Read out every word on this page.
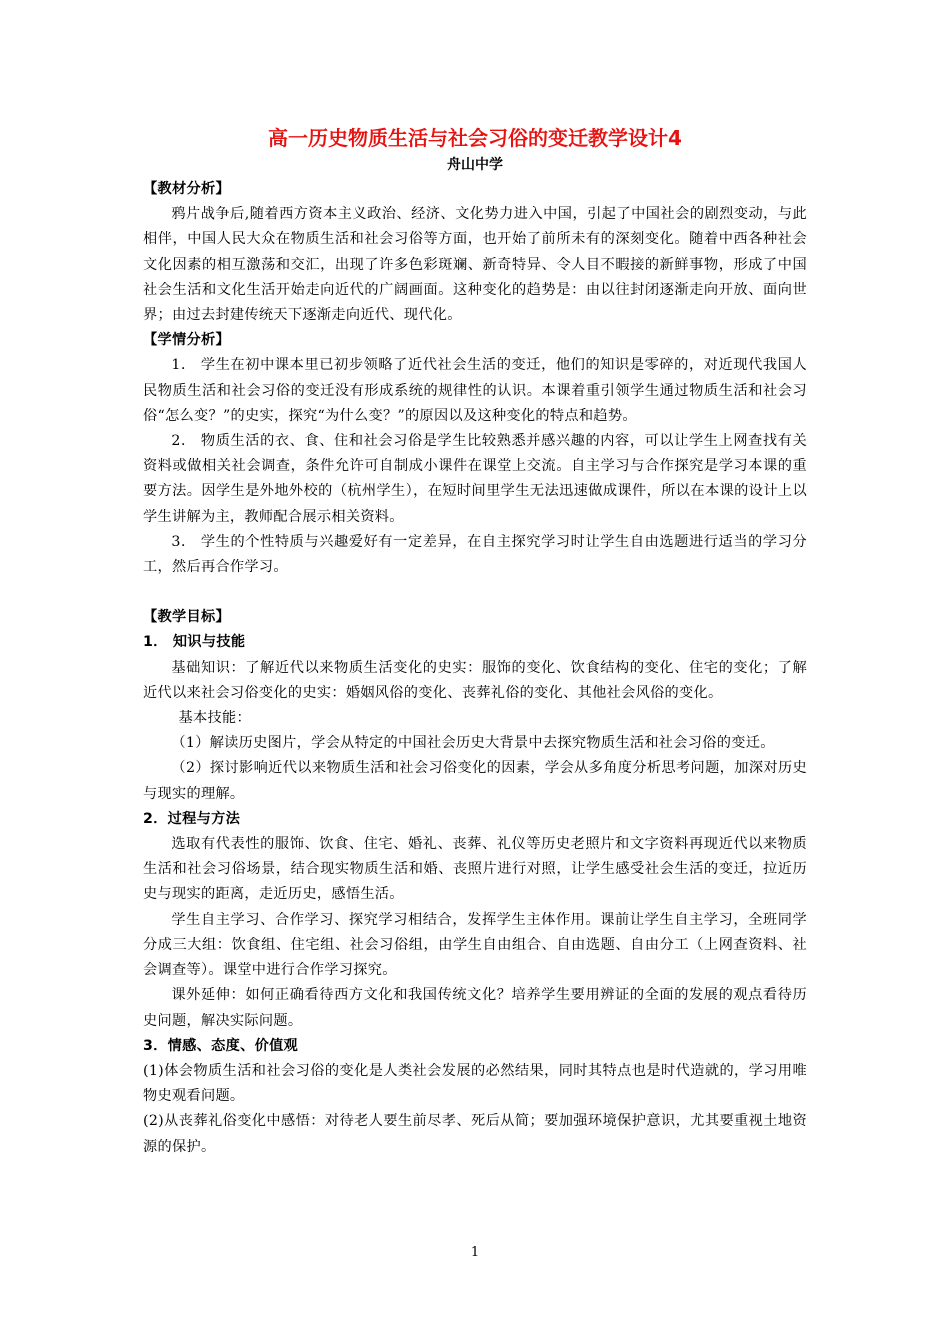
高一历史物质生活与社会习俗的变迁教学设计4
舟山中学

【教材分析】

鸦片战争后,随着西方资本主义政治、经济、文化势力进入中国，引起了中国社会的剧烈变动，与此相伴，中国人民大众在物质生活和社会习俗等方面，也开始了前所未有的深刻变化。随着中西各种社会文化因素的相互激荡和交汇，出现了许多色彩斑斓、新奇特异、令人目不暇接的新鲜事物，形成了中国社会生活和文化生活开始走向近代的广阔画面。这种变化的趋势是：由以往封闭逐渐走向开放、面向世界；由过去封建传统天下逐渐走向近代、现代化。

【学情分析】

1． 学生在初中课本里已初步领略了近代社会生活的变迁，他们的知识是零碎的，对近现代我国人民物质生活和社会习俗的变迁没有形成系统的规律性的认识。本课着重引领学生通过物质生活和社会习俗“怎么变？”的史实，探究“为什么变？”的原因以及这种变化的特点和趋势。

2． 物质生活的衣、食、住和社会习俗是学生比较熟悉并感兴趣的内容，可以让学生上网查找有关资料或做相关社会调查，条件允许可自制成小课件在课堂上交流。自主学习与合作探究是学习本课的重要方法。因学生是外地外校的（杭州学生），在短时间里学生无法迅速做成课件，所以在本课的设计上以学生讲解为主，教师配合展示相关资料。

3． 学生的个性特质与兴趣爱好有一定差异，在自主探究学习时让学生自由选题进行适当的学习分工，然后再合作学习。

【教学目标】

1． 知识与技能

基础知识：了解近代以来物质生活变化的史实：服饰的变化、饮食结构的变化、住宅的变化；了解近代以来社会习俗变化的史实：婚姻风俗的变化、丧葬礼俗的变化、其他社会风俗的变化。

基本技能：

（1）解读历史图片，学会从特定的中国社会历史大背景中去探究物质生活和社会习俗的变迁。

（2）探讨影响近代以来物质生活和社会习俗变化的因素，学会从多角度分析思考问题，加深对历史与现实的理解。

2．过程与方法

选取有代表性的服饰、饮食、住宅、婚礼、丧葬、礼仪等历史老照片和文字资料再现近代以来物质生活和社会习俗场景，结合现实物质生活和婚、丧照片进行对照，让学生感受社会生活的变迁，拉近历史与现实的距离，走近历史，感悟生活。

学生自主学习、合作学习、探究学习相结合，发挥学生主体作用。课前让学生自主学习，全班同学分成三大组：饮食组、住宅组、社会习俗组，由学生自由组合、自由选题、自由分工（上网查资料、社会调查等）。课堂中进行合作学习探究。

课外延伸：如何正确看待西方文化和我国传统文化？培养学生要用辨证的全面的发展的观点看待历史问题，解决实际问题。

3．情感、态度、价值观

(1)体会物质生活和社会习俗的变化是人类社会发展的必然结果，同时其特点也是时代造就的，学习用唯物史观看问题。

(2)从丧葬礼俗变化中感悟：对待老人要生前尽孝、死后从简；要加强环境保护意识，尤其要重视土地资源的保护。

1
